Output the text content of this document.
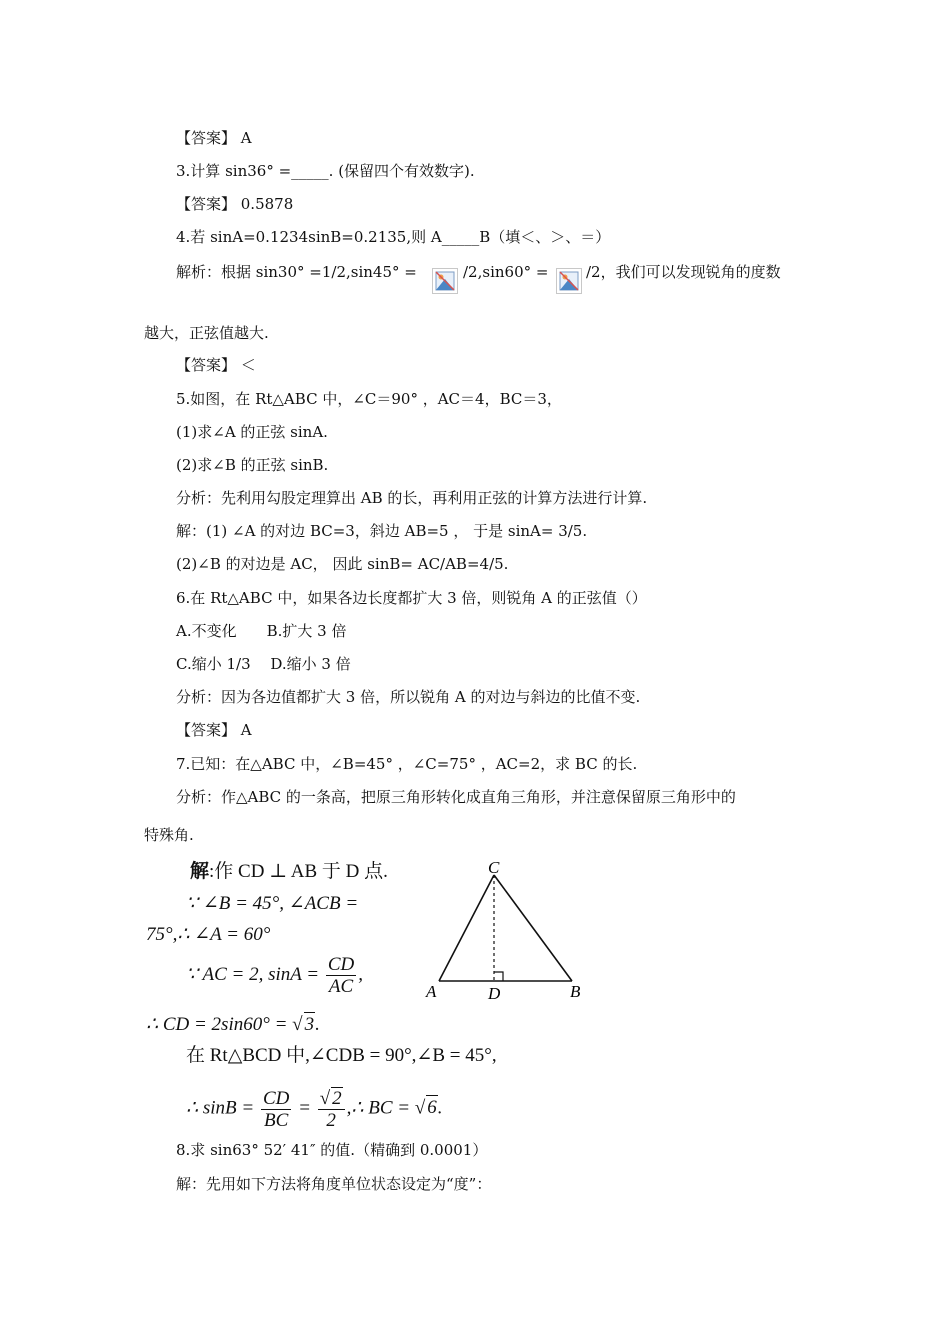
【答案】 A
3.计算 sin36° =_____. (保留四个有效数字).
【答案】 0.5878
4.若 sinA=0.1234sinB=0.2135,则 A_____B（填＜、＞、＝）
解析：根据 sin30° =1/2,sin45° =	/2,sin60° =	/2，我们可以发现锐角的度数
越大，正弦值越大.
【答案】 ＜
5.如图，在 Rt△ABC 中，∠C＝90° ，AC＝4，BC＝3，
(1)求∠A 的正弦 sinA.
(2)求∠B 的正弦 sinB.
分析：先利用勾股定理算出 AB 的长，再利用正弦的计算方法进行计算.
解：(1) ∠A 的对边 BC=3，斜边 AB=5 ， 于是 sinA= 3/5.
(2)∠B 的对边是 AC， 因此 sinB= AC/AB=4/5.
6.在 Rt△ABC 中，如果各边长度都扩大 3 倍，则锐角 A 的正弦值（）
A.不变化　　B.扩大 3 倍
C.缩小 1/3　 D.缩小 3 倍
分析：因为各边值都扩大 3 倍，所以锐角 A 的对边与斜边的比值不变.
【答案】 A
7.已知：在△ABC 中，∠B=45° ，∠C=75° ，AC=2，求 BC 的长.
分析：作△ABC 的一条高，把原三角形转化成直角三角形，并注意保留原三角形中的
特殊角.
解:作 CD ⊥ AB 于 D 点.
∵ ∠B = 45°, ∠ACB =
75°,∴ ∠A = 60°
∵ AC = 2, $\sin A = \frac{CD}{AC}$ ,
∴ CD = 2sin60° = √ 3.
在 Rt△BCD 中,∠CDB = 90°,∠B = 45°,
∴ $\sin B = \frac{CD}{BC} = \frac{√ 2}{2}$ ,∴ BC = √ 6.
C
A	D	B
8.求 sin63° 52′ 41″ 的值.（精确到 0.0001）
解：先用如下方法将角度单位状态设定为“度”：
